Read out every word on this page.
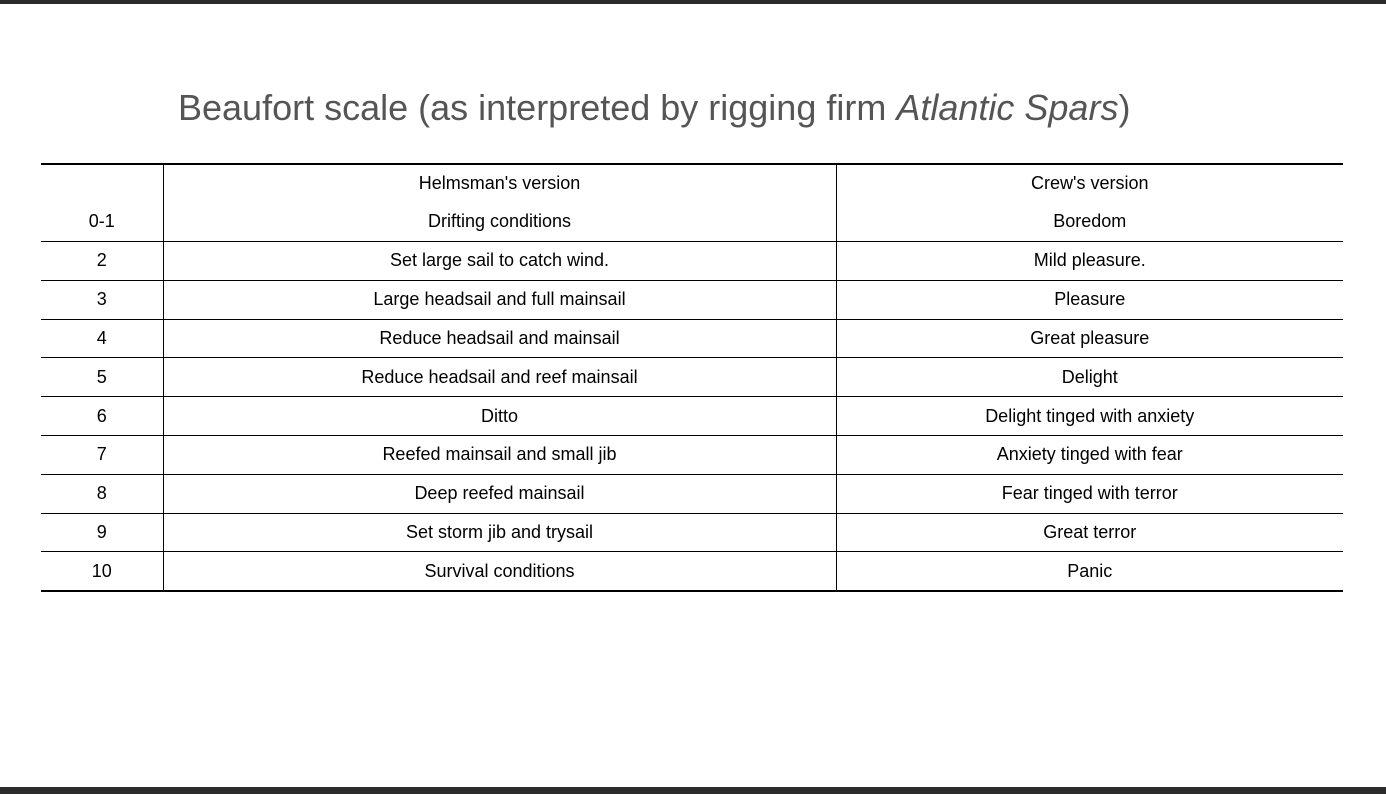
Beaufort scale (as interpreted by rigging firm Atlantic Spars)
	Helmsman's version	Crew's version
0-1	Drifting conditions	Boredom
2	Set large sail to catch wind.	Mild pleasure.
3	Large headsail and full mainsail	Pleasure
4	Reduce headsail and mainsail	Great pleasure
5	Reduce headsail and reef mainsail	Delight
6	Ditto	Delight tinged with anxiety
7	Reefed mainsail and small jib	Anxiety tinged with fear
8	Deep reefed mainsail	Fear tinged with terror
9	Set storm jib and trysail	Great terror
10	Survival conditions	Panic
